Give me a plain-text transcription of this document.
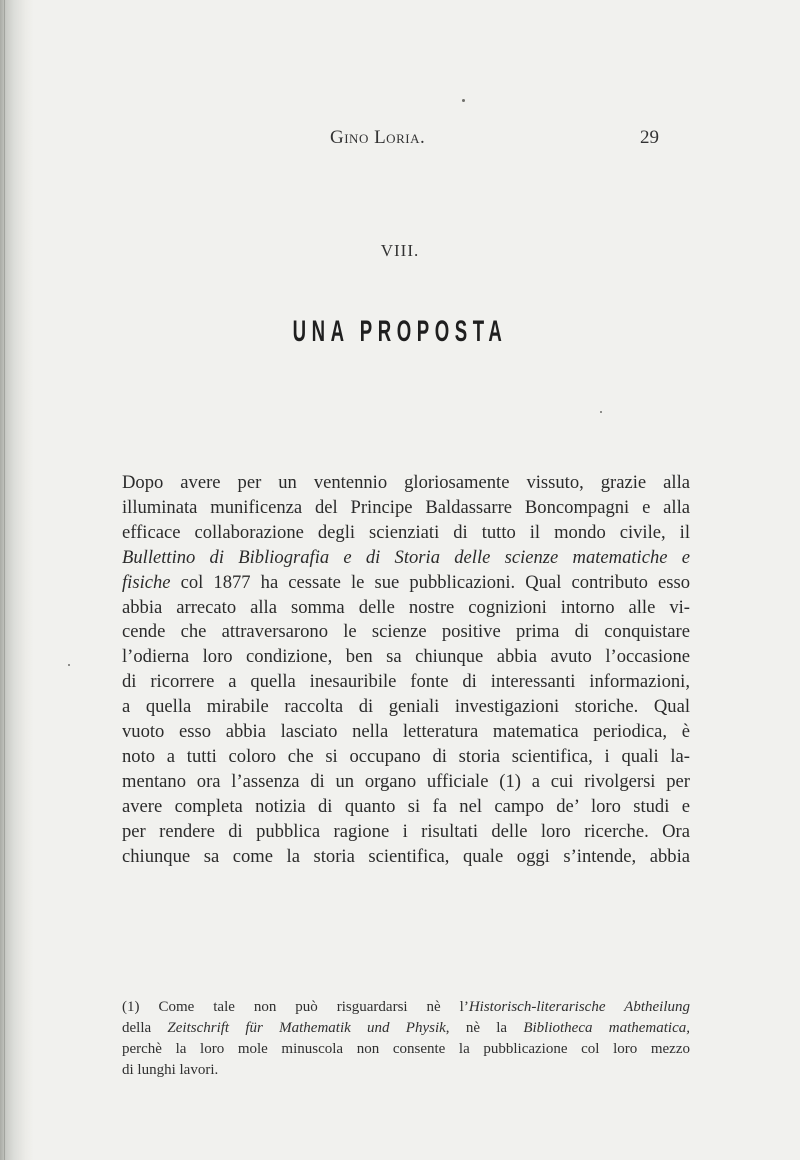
Gino Loria.	29
VIII.
UNA PROPOSTA
Dopo avere per un ventennio gloriosamente vissuto, grazie alla
illuminata munificenza del Principe Baldassarre Boncompagni e alla
efficace collaborazione degli scienziati di tutto il mondo civile, il
Bullettino di Bibliografia e di Storia delle scienze matematiche e
fisiche col 1877 ha cessate le sue pubblicazioni. Qual contributo esso
abbia arrecato alla somma delle nostre cognizioni intorno alle vi-
cende che attraversarono le scienze positive prima di conquistare
l’odierna loro condizione, ben sa chiunque abbia avuto l’occasione
di ricorrere a quella inesauribile fonte di interessanti informazioni,
a quella mirabile raccolta di geniali investigazioni storiche. Qual
vuoto esso abbia lasciato nella letteratura matematica periodica, è
noto a tutti coloro che si occupano di storia scientifica, i quali la-
mentano ora l’assenza di un organo ufficiale (1) a cui rivolgersi per
avere completa notizia di quanto si fa nel campo de’ loro studi e
per rendere di pubblica ragione i risultati delle loro ricerche. Ora
chiunque sa come la storia scientifica, quale oggi s’intende, abbia
(1) Come tale non può risguardarsi nè l’Historisch-literarische Abtheilung
della Zeitschrift für Mathematik und Physik, nè la Bibliotheca mathematica,
perchè la loro mole minuscola non consente la pubblicazione col loro mezzo
di lunghi lavori.
